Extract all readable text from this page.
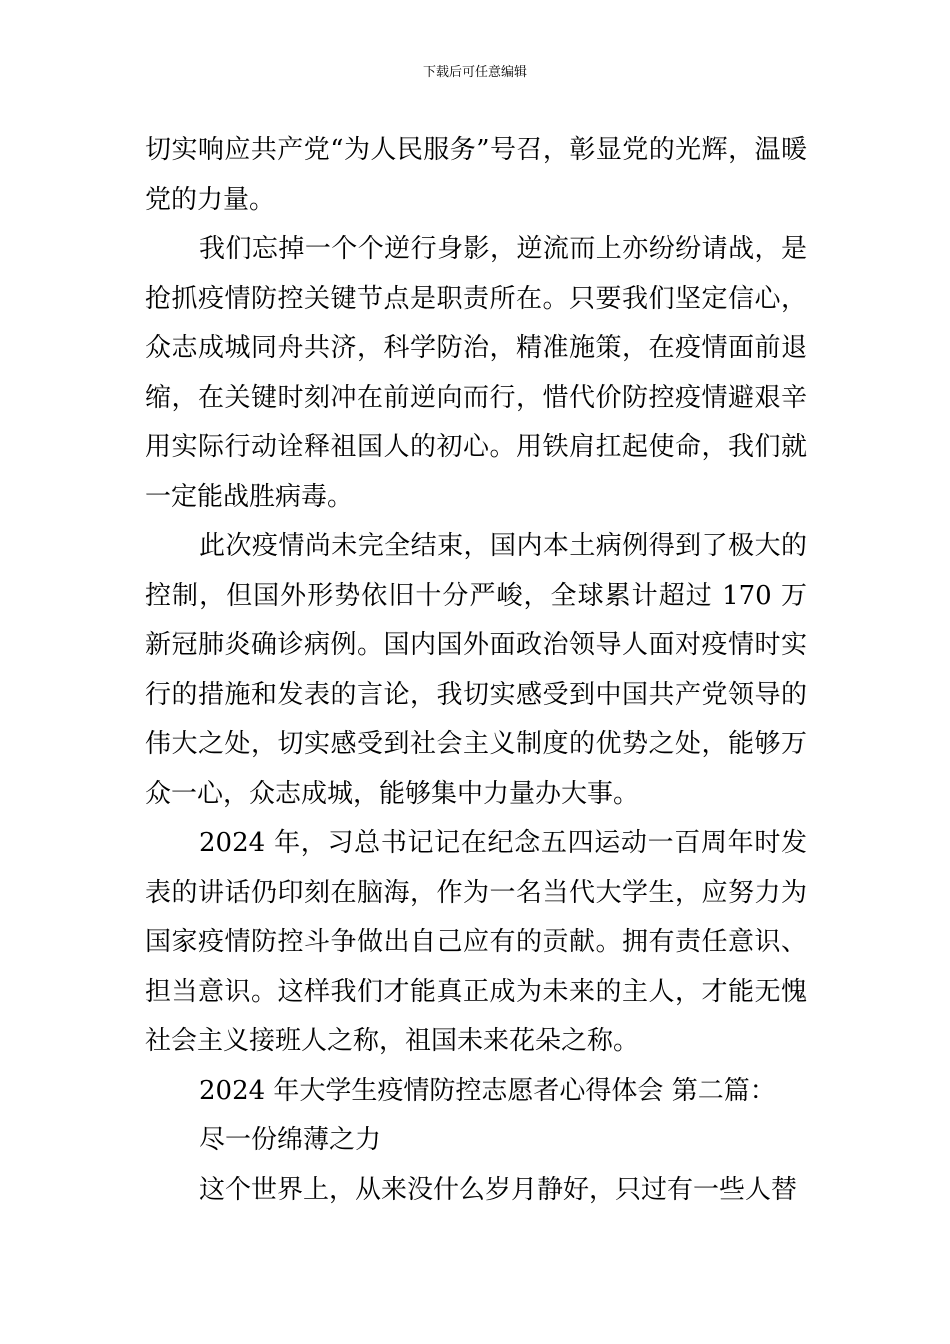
下载后可任意编辑

切实响应共产党“为人民服务”号召，彰显党的光辉，温暖党的力量。

我们忘掉一个个逆行身影，逆流而上亦纷纷请战，是抢抓疫情防控关键节点是职责所在。只要我们坚定信心，众志成城同舟共济，科学防治，精准施策，在疫情面前退缩，在关键时刻冲在前逆向而行，惜代价防控疫情避艰辛用实际行动诠释祖国人的初心。用铁肩扛起使命，我们就一定能战胜病毒。

此次疫情尚未完全结束，国内本土病例得到了极大的控制，但国外形势依旧十分严峻，全球累计超过 170 万新冠肺炎确诊病例。国内国外面政治领导人面对疫情时实行的措施和发表的言论，我切实感受到中国共产党领导的伟大之处，切实感受到社会主义制度的优势之处，能够万众一心，众志成城，能够集中力量办大事。

2024 年，习总书记记在纪念五四运动一百周年时发表的讲话仍印刻在脑海，作为一名当代大学生，应努力为国家疫情防控斗争做出自己应有的贡献。拥有责任意识、担当意识。这样我们才能真正成为未来的主人，才能无愧社会主义接班人之称，祖国未来花朵之称。

2024 年大学生疫情防控志愿者心得体会 第二篇：

尽一份绵薄之力

这个世界上，从来没什么岁月静好，只过有一些人替
